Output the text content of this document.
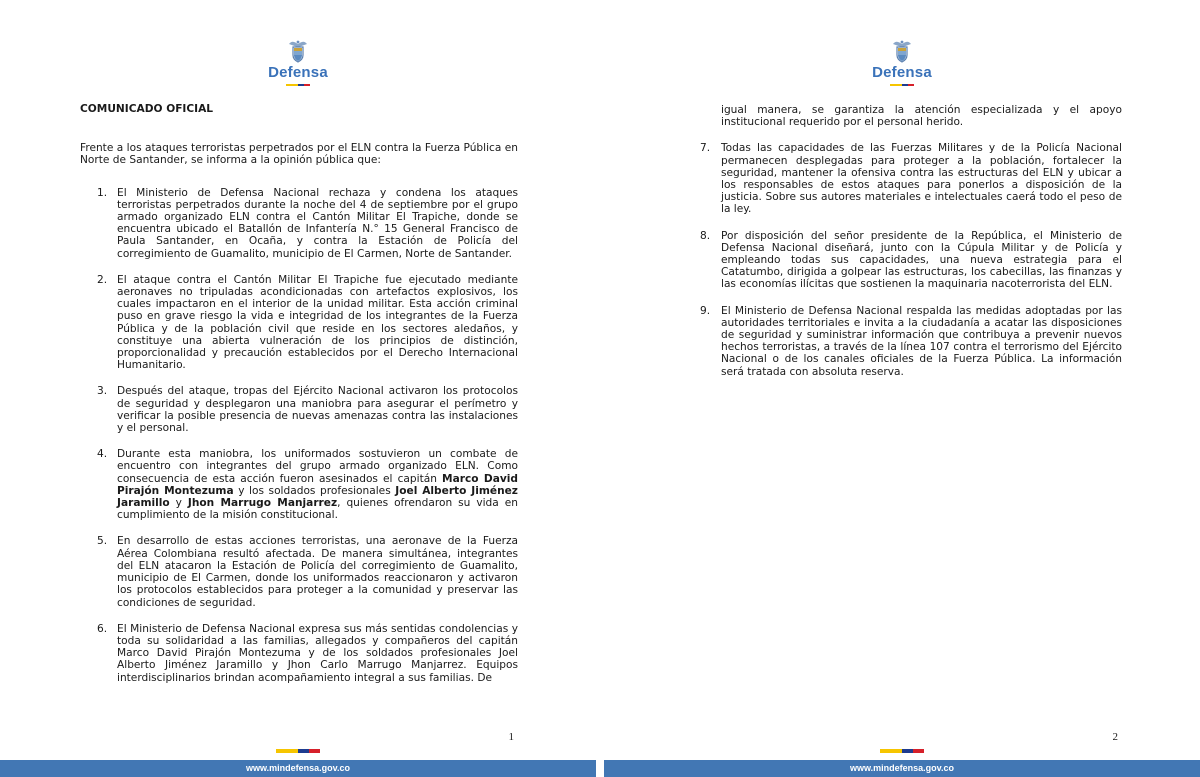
Defensa
COMUNICADO OFICIAL
Frente a los ataques terroristas perpetrados por el ELN contra la Fuerza Pública en Norte de Santander, se informa a la opinión pública que:
1. El Ministerio de Defensa Nacional rechaza y condena los ataques terroristas perpetrados durante la noche del 4 de septiembre por el grupo armado organizado ELN contra el Cantón Militar El Trapiche, donde se encuentra ubicado el Batallón de Infantería N.° 15 General Francisco de Paula Santander, en Ocaña, y contra la Estación de Policía del corregimiento de Guamalito, municipio de El Carmen, Norte de Santander.
2. El ataque contra el Cantón Militar El Trapiche fue ejecutado mediante aeronaves no tripuladas acondicionadas con artefactos explosivos, los cuales impactaron en el interior de la unidad militar. Esta acción criminal puso en grave riesgo la vida e integridad de los integrantes de la Fuerza Pública y de la población civil que reside en los sectores aledaños, y constituye una abierta vulneración de los principios de distinción, proporcionalidad y precaución establecidos por el Derecho Internacional Humanitario.
3. Después del ataque, tropas del Ejército Nacional activaron los protocolos de seguridad y desplegaron una maniobra para asegurar el perímetro y verificar la posible presencia de nuevas amenazas contra las instalaciones y el personal.
4. Durante esta maniobra, los uniformados sostuvieron un combate de encuentro con integrantes del grupo armado organizado ELN. Como consecuencia de esta acción fueron asesinados el capitán Marco David Pirajón Montezuma y los soldados profesionales Joel Alberto Jiménez Jaramillo y Jhon Marrugo Manjarrez, quienes ofrendaron su vida en cumplimiento de la misión constitucional.
5. En desarrollo de estas acciones terroristas, una aeronave de la Fuerza Aérea Colombiana resultó afectada. De manera simultánea, integrantes del ELN atacaron la Estación de Policía del corregimiento de Guamalito, municipio de El Carmen, donde los uniformados reaccionaron y activaron los protocolos establecidos para proteger a la comunidad y preservar las condiciones de seguridad.
6. El Ministerio de Defensa Nacional expresa sus más sentidas condolencias y toda su solidaridad a las familias, allegados y compañeros del capitán Marco David Pirajón Montezuma y de los soldados profesionales Joel Alberto Jiménez Jaramillo y Jhon Carlo Marrugo Manjarrez. Equipos interdisciplinarios brindan acompañamiento integral a sus familias. De
1
www.mindefensa.gov.co
Defensa
igual manera, se garantiza la atención especializada y el apoyo institucional requerido por el personal herido.
7. Todas las capacidades de las Fuerzas Militares y de la Policía Nacional permanecen desplegadas para proteger a la población, fortalecer la seguridad, mantener la ofensiva contra las estructuras del ELN y ubicar a los responsables de estos ataques para ponerlos a disposición de la justicia. Sobre sus autores materiales e intelectuales caerá todo el peso de la ley.
8. Por disposición del señor presidente de la República, el Ministerio de Defensa Nacional diseñará, junto con la Cúpula Militar y de Policía y empleando todas sus capacidades, una nueva estrategia para el Catatumbo, dirigida a golpear las estructuras, los cabecillas, las finanzas y las economías ilícitas que sostienen la maquinaria nacoterrorista del ELN.
9. El Ministerio de Defensa Nacional respalda las medidas adoptadas por las autoridades territoriales e invita a la ciudadanía a acatar las disposiciones de seguridad y suministrar información que contribuya a prevenir nuevos hechos terroristas, a través de la línea 107 contra el terrorismo del Ejército Nacional o de los canales oficiales de la Fuerza Pública. La información será tratada con absoluta reserva.
2
www.mindefensa.gov.co
